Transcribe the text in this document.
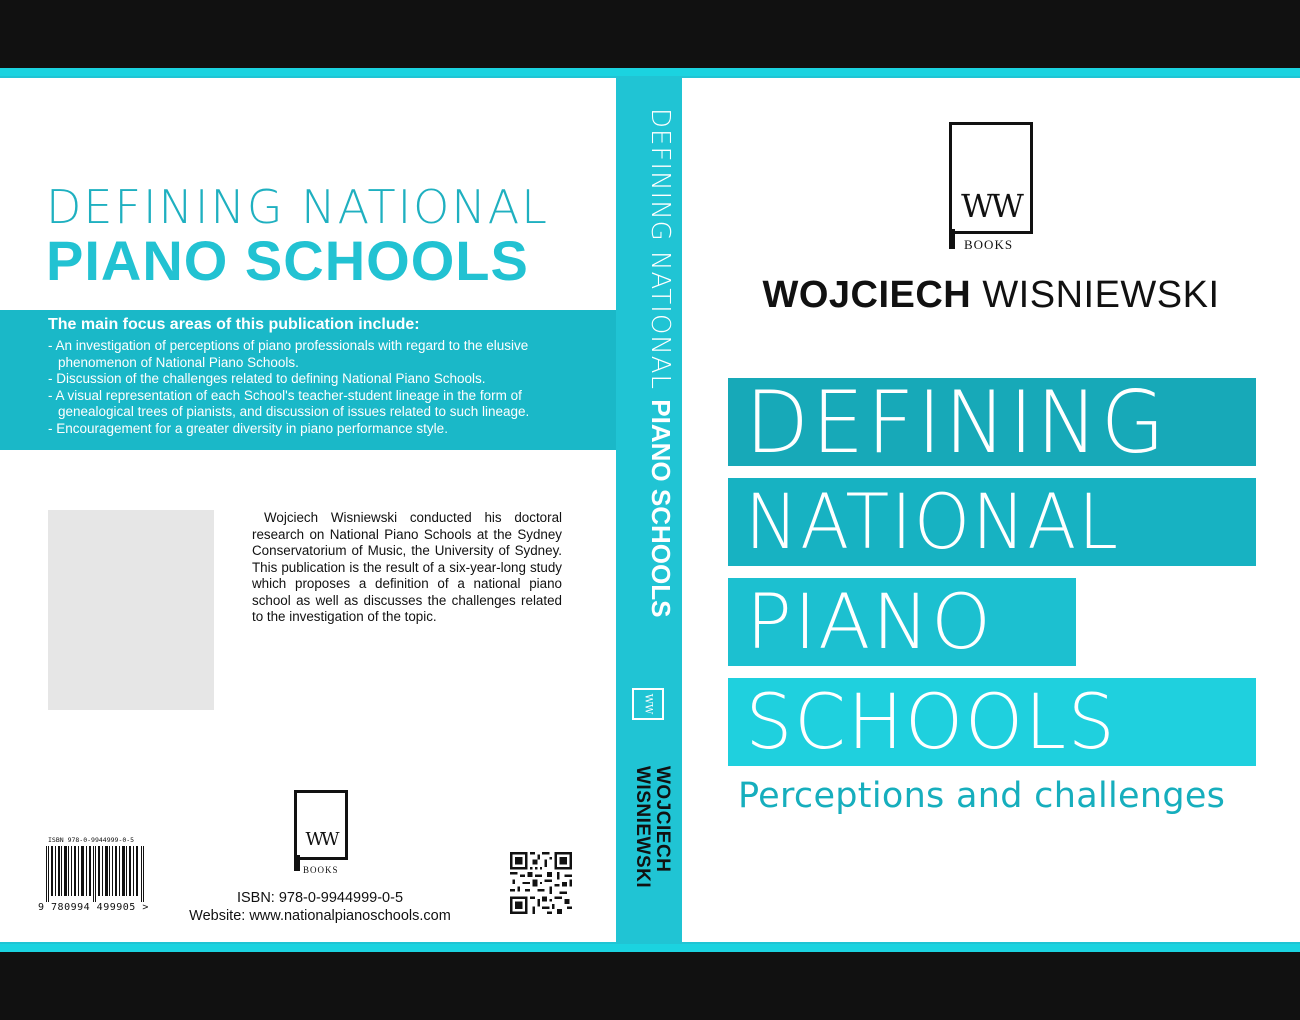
DEFINING NATIONAL
PIANO SCHOOLS
The main focus areas of this publication include:
- An investigation of perceptions of piano professionals with regard to the elusive phenomenon of National Piano Schools.
- Discussion of the challenges related to defining National Piano Schools.
- A visual representation of each School's teacher-student lineage in the form of genealogical trees of pianists, and discussion of issues related to such lineage.
- Encouragement for a greater diversity in piano performance style.
Wojciech Wisniewski conducted his doctoral research on National Piano Schools at the Sydney Conservatorium of Music, the University of Sydney. This publication is the result of a six-year-long study which proposes a definition of a national piano school as well as discusses the challenges related to the investigation of the topic.
ISBN 978-0-9944999-0-5
9 780994 499905 >
WW
BOOKS
ISBN: 978-0-9944999-0-5
Website: www.nationalpianoschools.com
DEFINING NATIONAL PIANO SCHOOLS
WW
WOJCIECH
WISNIEWSKI
WW
BOOKS
WOJCIECH WISNIEWSKI
DEFINING
NATIONAL
PIANO
SCHOOLS
Perceptions and challenges
